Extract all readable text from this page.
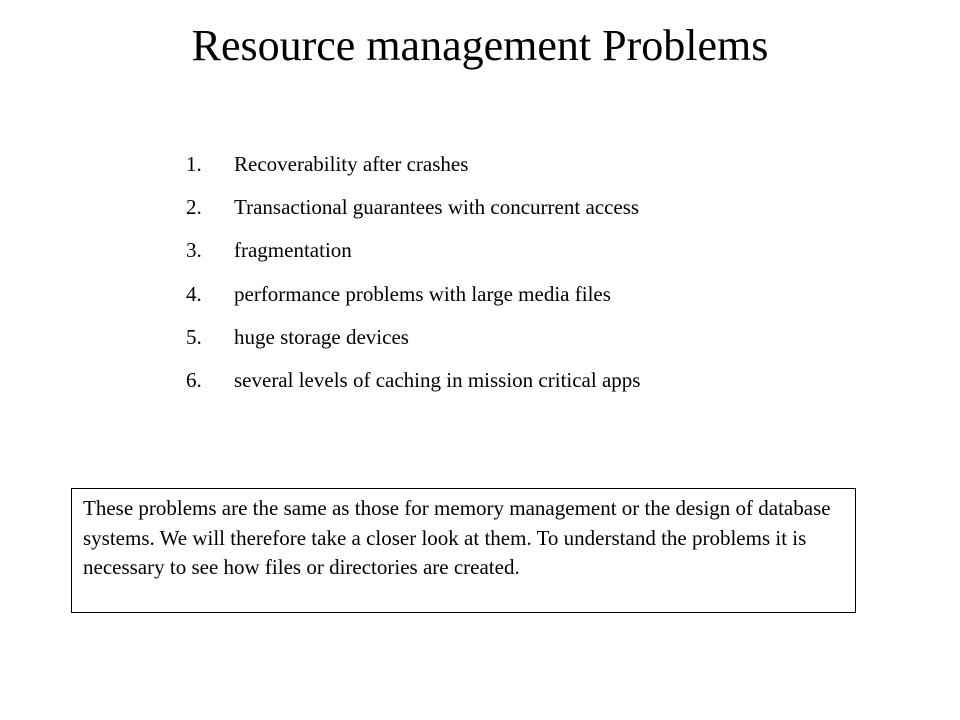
Resource management Problems
1.	Recoverability after crashes
2.	Transactional guarantees with concurrent access
3.	fragmentation
4.	performance problems with large media files
5.	huge storage devices
6.	several levels of caching in mission critical apps
These problems are the same as those for memory management or the design of database systems. We will therefore take a closer look at them. To understand the problems it is necessary to see how files or directories are created.
